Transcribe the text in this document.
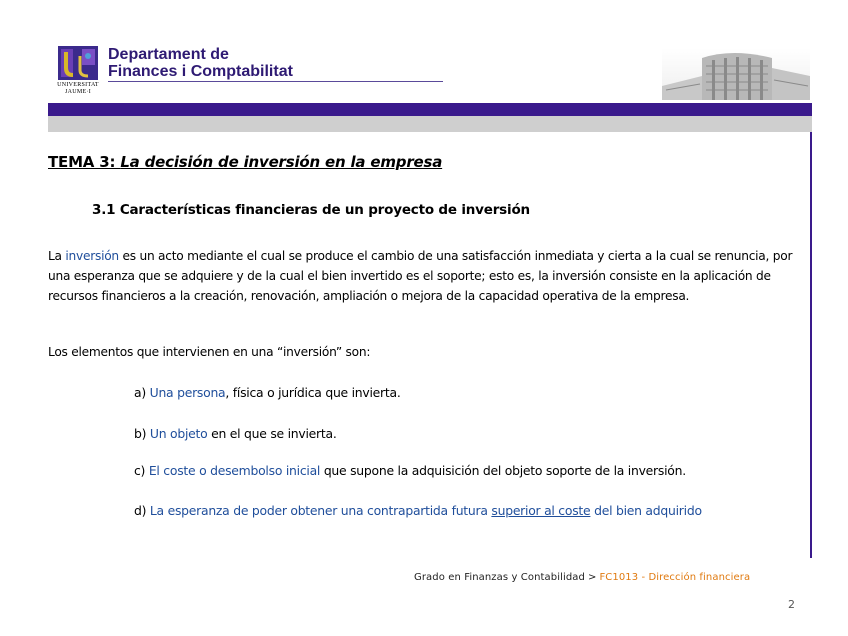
UNIVERSITAT
JAUME·I
Departament de
Finances i Comptabilitat
TEMA 3: La decisión de inversión en la empresa
3.1 Características financieras de un proyecto de inversión
La inversión es un acto mediante el cual se produce el cambio de una satisfacción inmediata y cierta a la cual se renuncia, por una esperanza que se adquiere y de la cual el bien invertido es el soporte; esto es, la inversión consiste en la aplicación de recursos financieros a la creación, renovación, ampliación o mejora de la capacidad operativa de la empresa.
Los elementos que intervienen en una “inversión” son:
a) Una persona, física o jurídica que invierta.
b) Un objeto en el que se invierta.
c) El coste o desembolso inicial que supone la adquisición del objeto soporte de la inversión.
d) La esperanza de poder obtener una contrapartida futura superior al coste del bien adquirido
Grado en Finanzas y Contabilidad > FC1013 - Dirección financiera
2
